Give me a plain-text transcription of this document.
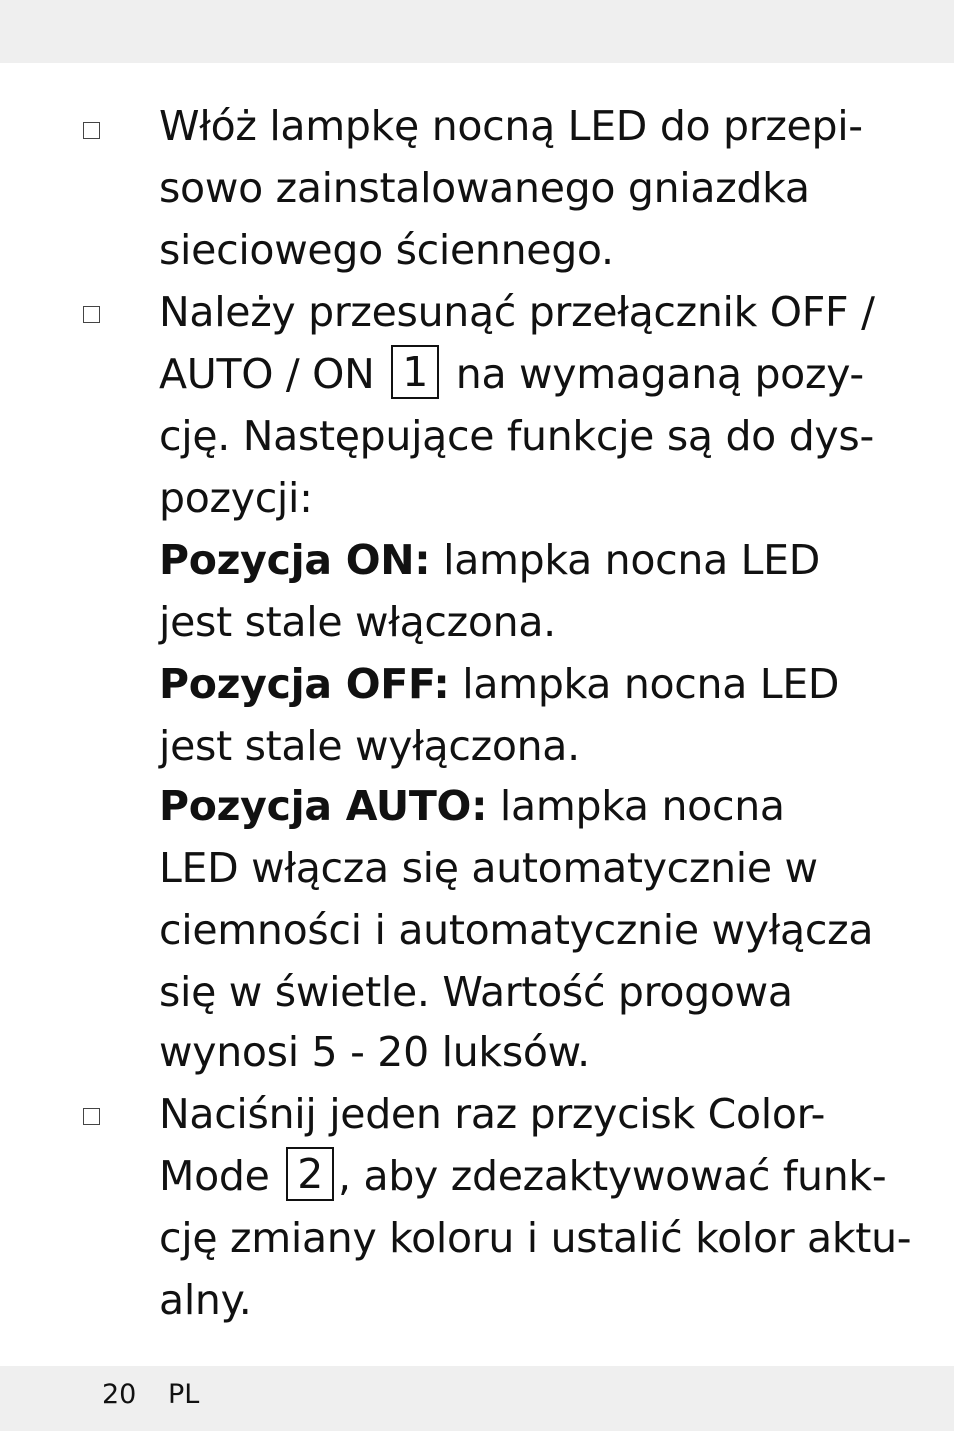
Włóż lampkę nocną LED do przepi-
sowo zainstalowanego gniazdka
sieciowego ściennego.
Należy przesunąć przełącznik OFF /
AUTO / ON 1 na wymaganą pozy-
cję. Następujące funkcje są do dys-
pozycji:
Pozycja ON: lampka nocna LED
jest stale włączona.
Pozycja OFF: lampka nocna LED
jest stale wyłączona.
Pozycja AUTO: lampka nocna
LED włącza się automatycznie w
ciemności i automatycznie wyłącza
się w świetle. Wartość progowa
wynosi 5 - 20 luksów.
Naciśnij jeden raz przycisk Color-
Mode 2 , aby zdezaktywować funk-
cję zmiany koloru i ustalić kolor aktu-
alny.
20 PL
